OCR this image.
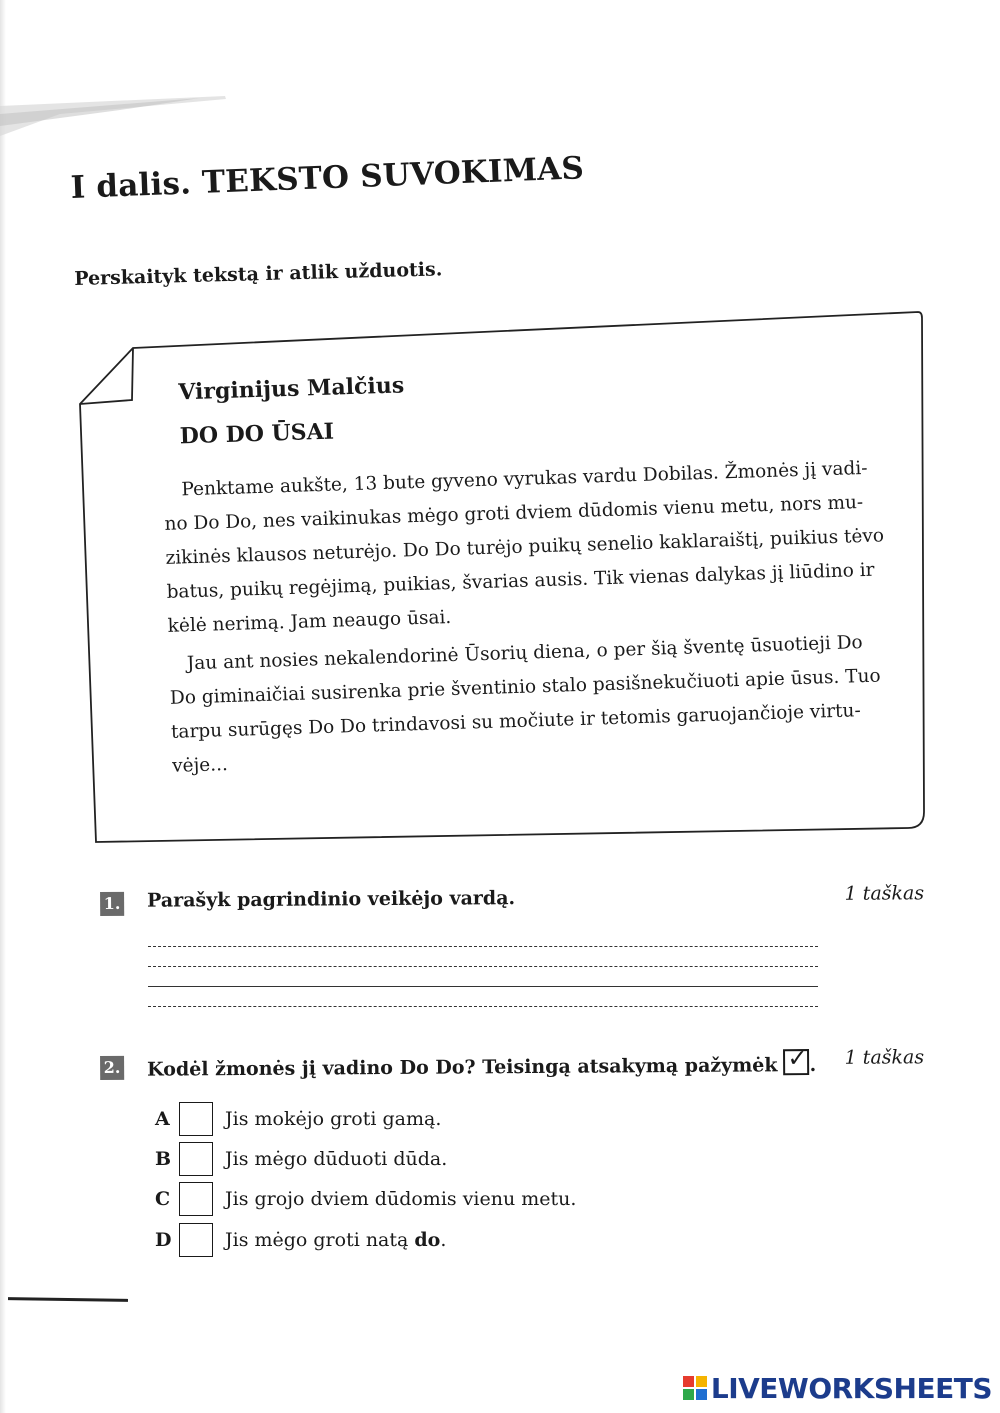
I dalis. TEKSTO SUVOKIMAS
Perskaityk tekstą ir atlik užduotis.
Virginijus Malčius
DO DO ŪSAI

Penktame aukšte, 13 bute gyveno vyrukas vardu Dobilas. Žmonės jį vadi-
no Do Do, nes vaikinukas mėgo groti dviem dūdomis vienu metu, nors mu-
zikinės klausos neturėjo. Do Do turėjo puikų senelio kaklaraištį, puikius tėvo
batus, puikų regėjimą, puikias, švarias ausis. Tik vienas dalykas jį liūdino ir
kėlė nerimą. Jam neaugo ūsai.

Jau ant nosies nekalendorinė Ūsorių diena, o per šią šventę ūsuotieji Do
Do giminaičiai susirenka prie šventinio stalo pasišnekučiuoti apie ūsus. Tuo
tarpu surūgęs Do Do trindavosi su močiute ir tetomis garuojančioje virtu-
vėje...

1. Parašyk pagrindinio veikėjo vardą.	1 taškas
2. Kodėl žmonės jį vadino Do Do? Teisingą atsakymą pažymėk ✓ . 1 taškas
A	Jis mokėjo groti gamą.
B	Jis mėgo dūduoti dūda.
C	Jis grojo dviem dūdomis vienu metu.
D	Jis mėgo groti natą do.
LIVEWORKSHEETS
